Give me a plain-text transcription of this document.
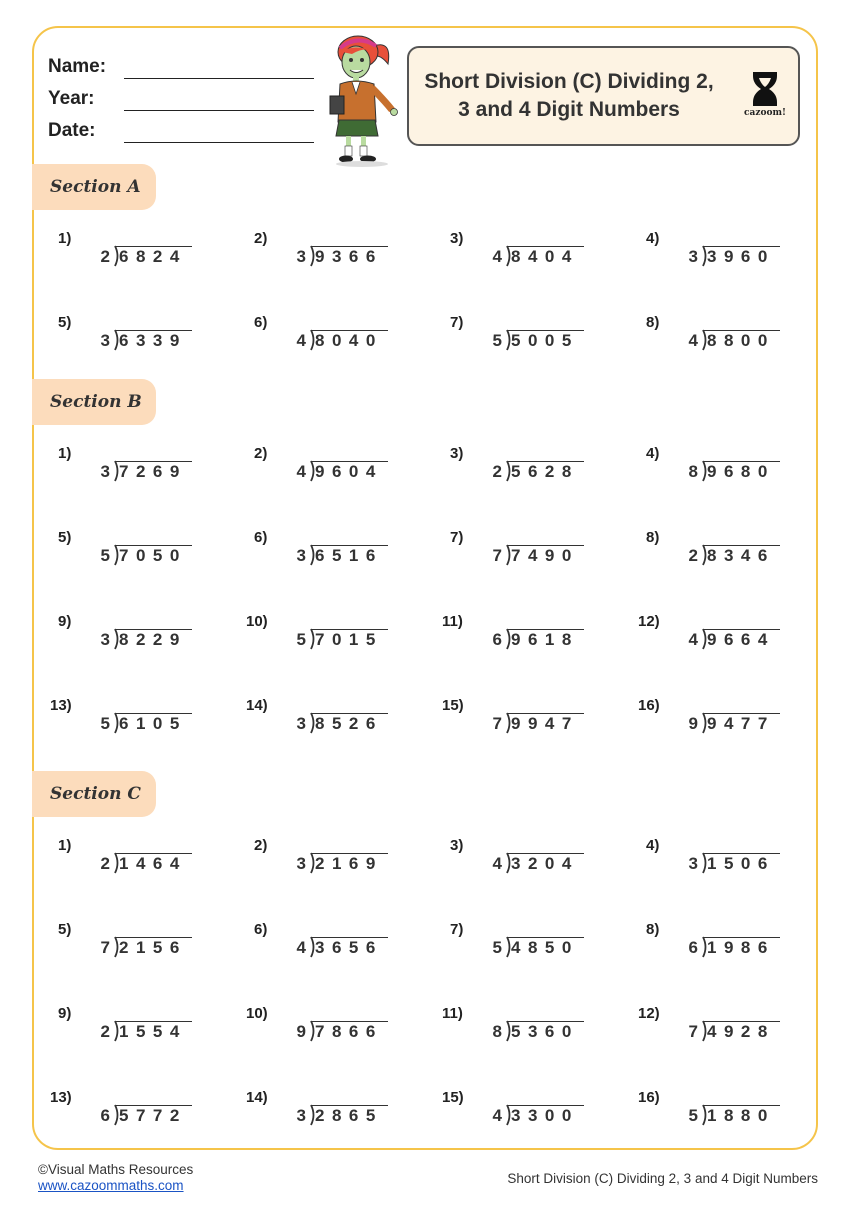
Name:
Year:
Date:
Short Division (C) Dividing 2, 3 and 4 Digit Numbers	cazoom!
Section A
Section B
Section C
1)
2 6824
2)
3 9366
3)
4 8404
4)
3 3960
5)
3 6339
6)
4 8040
7)
5 5005
8)
4 8800
1)
3 7269
2)
4 9604
3)
2 5628
4)
8 9680
5)
5 7050
6)
3 6516
7)
7 7490
8)
2 8346
9)
3 8229
10)
5 7015
11)
6 9618
12)
4 9664
13)
5 6105
14)
3 8526
15)
7 9947
16)
9 9477
1)
2 1464
2)
3 2169
3)
4 3204
4)
3 1506
5)
7 2156
6)
4 3656
7)
5 4850
8)
6 1986
9)
2 1554
10)
9 7866
11)
8 5360
12)
7 4928
13)
6 5772
14)
3 2865
15)
4 3300
16)
5 1880
©Visual Maths Resources
www.cazoommaths.com	Short Division (C) Dividing 2, 3 and 4 Digit Numbers
